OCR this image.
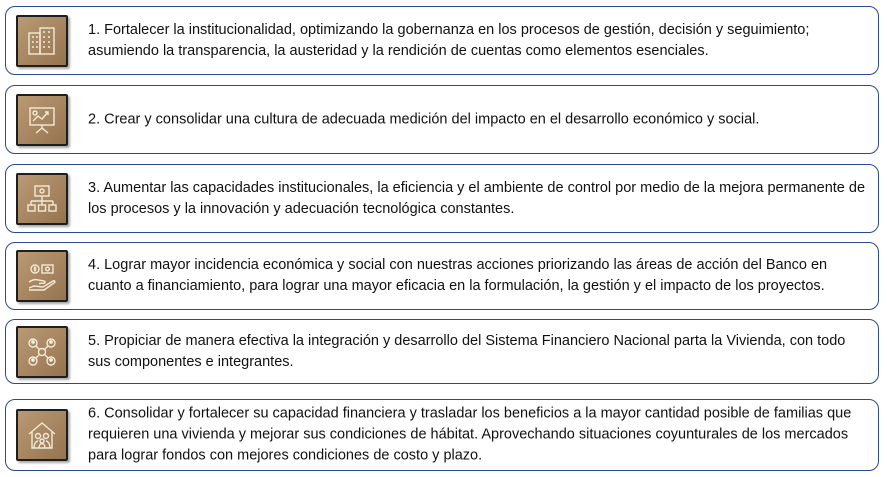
1. Fortalecer la institucionalidad, optimizando la gobernanza en los procesos de gestión, decisión y seguimiento; asumiendo la transparencia, la austeridad y la rendición de cuentas como elementos esenciales.

2. Crear y consolidar una cultura de adecuada medición del impacto en el desarrollo económico y social.

3. Aumentar las capacidades institucionales, la eficiencia y el ambiente de control por medio de la mejora permanente de los procesos y la innovación y adecuación tecnológica constantes.

4. Lograr mayor incidencia económica y social con nuestras acciones priorizando las áreas de acción del Banco en cuanto a financiamiento, para lograr una mayor eficacia en la formulación, la gestión y el impacto de los proyectos.

5. Propiciar de manera efectiva la integración y desarrollo del Sistema Financiero Nacional parta la Vivienda, con todo sus componentes e integrantes.

6. Consolidar y fortalecer su capacidad financiera y trasladar los beneficios a la mayor cantidad posible de familias que requieren una vivienda y mejorar sus condiciones de hábitat. Aprovechando situaciones coyunturales de los mercados para lograr fondos con mejores condiciones de costo y plazo.
